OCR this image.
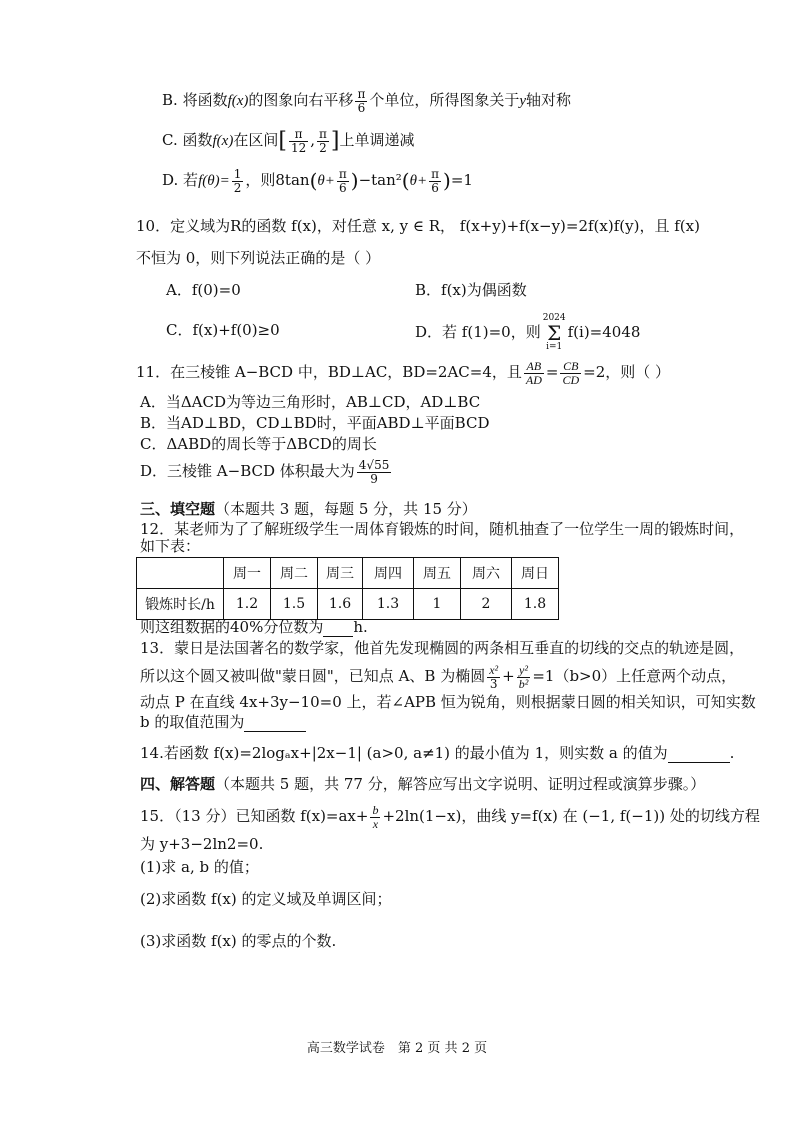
B. 将函数f(x)的图象向右平移 $\frac{\pi}{6}$ 个单位，所得图象关于y轴对称
C. 函数f(x)在区间[ $\frac{\pi}{12}$ , $\frac{\pi}{2}$ ]上单调递减
D. 若$f(\theta)= \frac{1}{2}$ ，则$8\tan(\theta+ \frac{\pi}{6} )-\tan^2(\theta+ \frac{\pi}{6} )=1$
10．定义域为R的函数 f(x)，对任意 x, y ∈ R， f(x+y)+f(x−y)=2f(x)f(y)，且 f(x)
不恒为 0，则下列说法正确的是（ ）
A．f(0)=0	B．f(x)为偶函数
C．f(x)+f(0)≥0	D．若 f(1)=0，则2024
Σ
i=1f(i)=4048
11．在三棱锥 A−BCD 中，BD⊥AC，BD=2AC=4，且 $\frac{AB}{AD} = \frac{CB}{CD} =2$，则（ ）
A．当ΔACD为等边三角形时，AB⊥CD，AD⊥BC
B．当AD⊥BD，CD⊥BD时，平面ABD⊥平面BCD
C．ΔABD的周长等于ΔBCD的周长
D．三棱锥 A−BCD 体积最大为 $\frac{4√55}{9}$
三、填空题（本题共 3 题，每题 5 分，共 15 分）
12．某老师为了了解班级学生一周体育锻炼的时间，随机抽查了一位学生一周的锻炼时间，
如下表：
	周一	周二	周三	周四	周五	周六	周日
锻炼时长/h	1.2	1.5	1.6	1.3	1	2	1.8
则这组数据的40%分位数为 h.
13．蒙日是法国著名的数学家，他首先发现椭圆的两条相互垂直的切线的交点的轨迹是圆，
所以这个圆又被叫做"蒙日圆"，已知点 A、B 为椭圆 $\frac{\text{x²}}{3} + \frac{\text{y²}}{\text{b²}} =1(b>0)$上任意两个动点，
动点 P 在直线 4x+3y−10=0 上，若∠APB 恒为锐角，则根据蒙日圆的相关知识，可知实数
b 的取值范围为
14.若函数 f(x)=2logₐx+|2x−1| (a>0, a≠1) 的最小值为 1，则实数 a 的值为	.
四、解答题（本题共 5 题，共 77 分，解答应写出文字说明、证明过程或演算步骤。）
15．（13 分）已知函数 $f(x)=ax+ \frac{b}{x} +2\ln(1-x)$，曲线 y=f(x) 在 (−1, f(−1)) 处的切线方程
为 y+3−2ln2=0.
(1)求 a, b 的值；
(2)求函数 f(x) 的定义域及单调区间；
(3)求函数 f(x) 的零点的个数.
高三数学试卷　第 2 页 共 2 页
